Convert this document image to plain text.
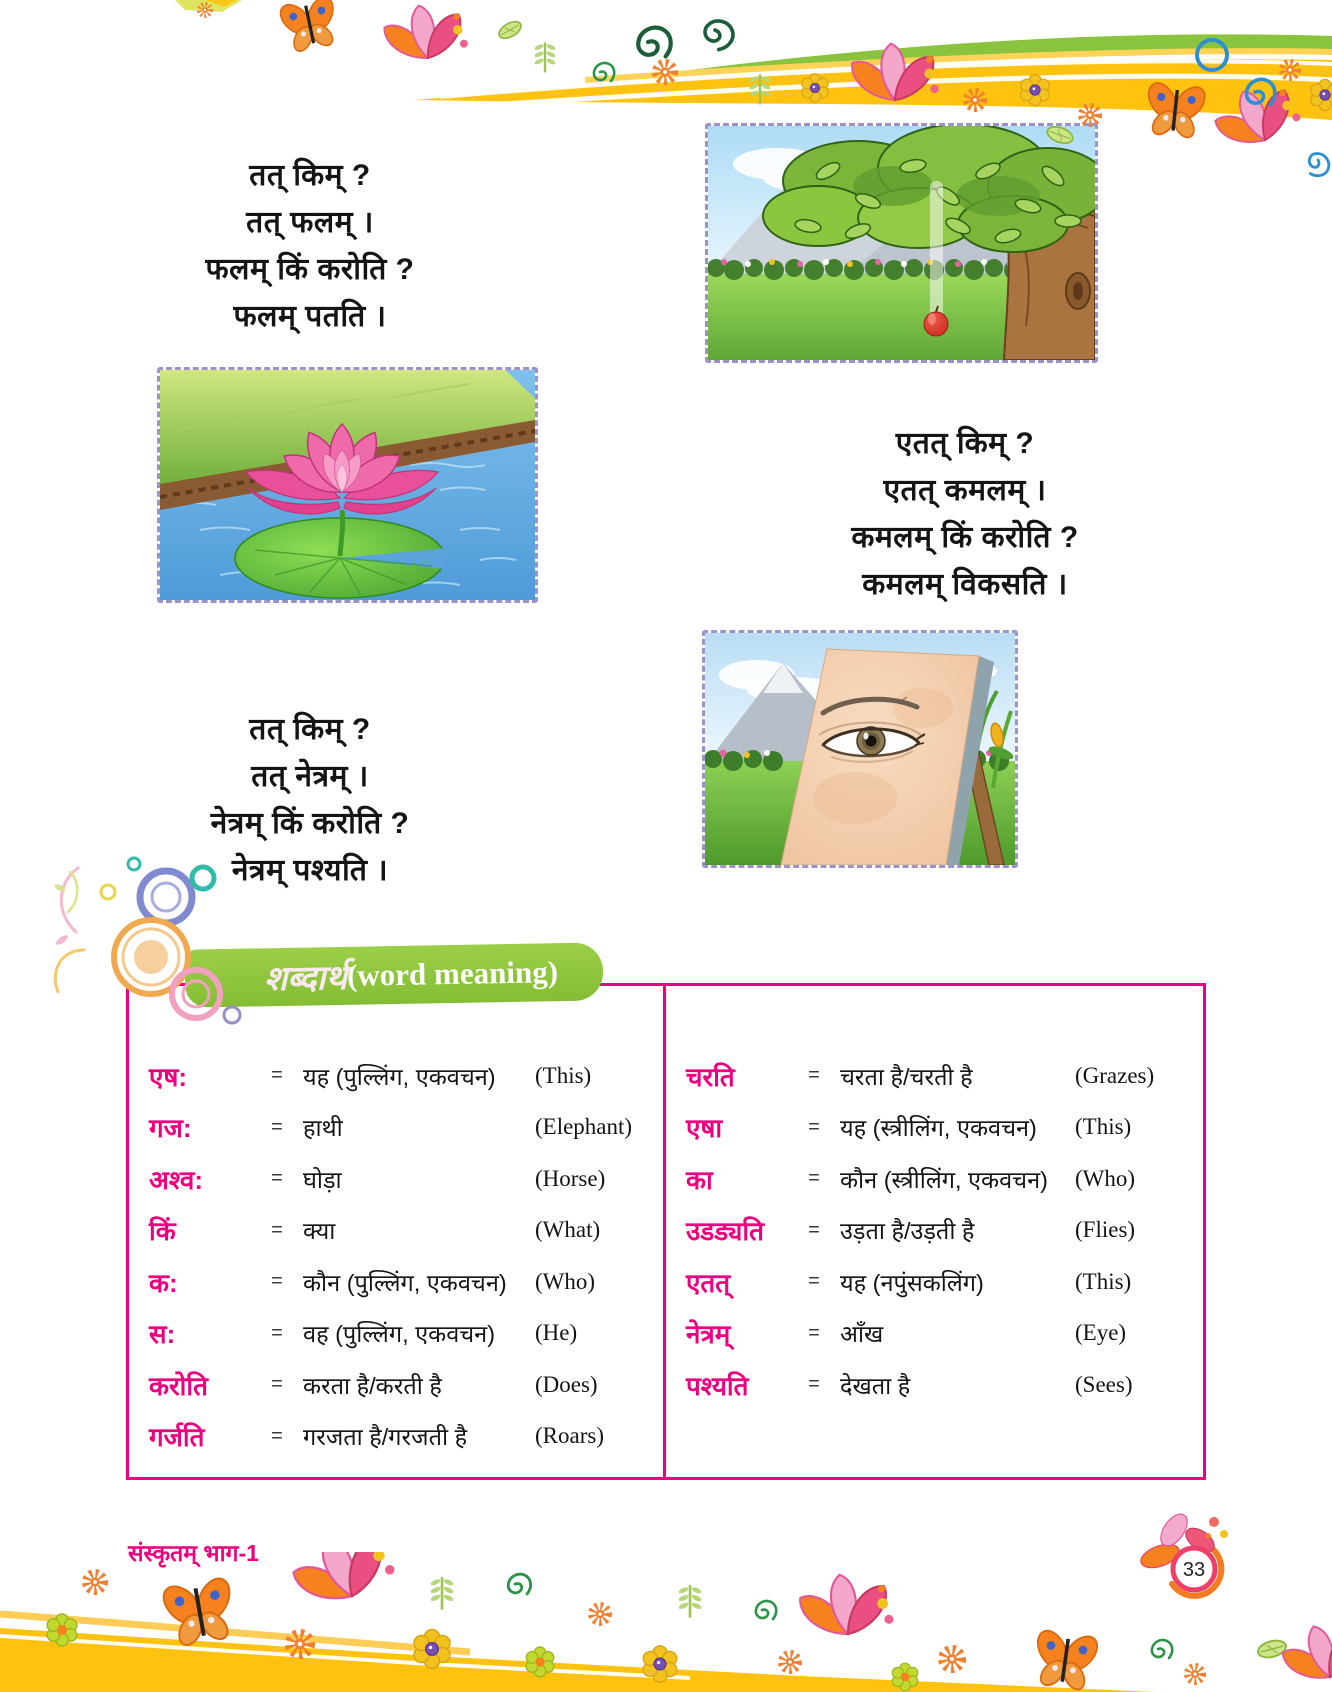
तत् किम् ?
तत् फलम् ।
फलम् किं करोति ?
फलम् पतति ।
एतत् किम् ?
एतत् कमलम् ।
कमलम् किं करोति ?
कमलम् विकसति ।
तत् किम् ?
तत् नेत्रम् ।
नेत्रम् किं करोति ?
नेत्रम् पश्यति ।
शब्दार्थ (word meaning)
एष:	= यह (पुल्लिंग, एकवचन)	(This)
गज:	= हाथी	(Elephant)
अश्व:	= घोड़ा	(Horse)
किं	= क्या	(What)
क:	= कौन (पुल्लिंग, एकवचन)	(Who)
स:	= वह (पुल्लिंग, एकवचन)	(He)
करोति	= करता है/करती है	(Does)
गर्जति	= गरजता है/गरजती है	(Roars)
चरति	= चरता है/चरती है	(Grazes)
एषा	= यह (स्त्रीलिंग, एकवचन)	(This)
का	= कौन (स्त्रीलिंग, एकवचन)	(Who)
उडड्यति	= उड़ता है/उड़ती है	(Flies)
एतत्	= यह (नपुंसकलिंग)	(This)
नेत्रम्	= आँख	(Eye)
पश्यति	= देखता है	(Sees)
संस्कृतम् भाग-1
33
